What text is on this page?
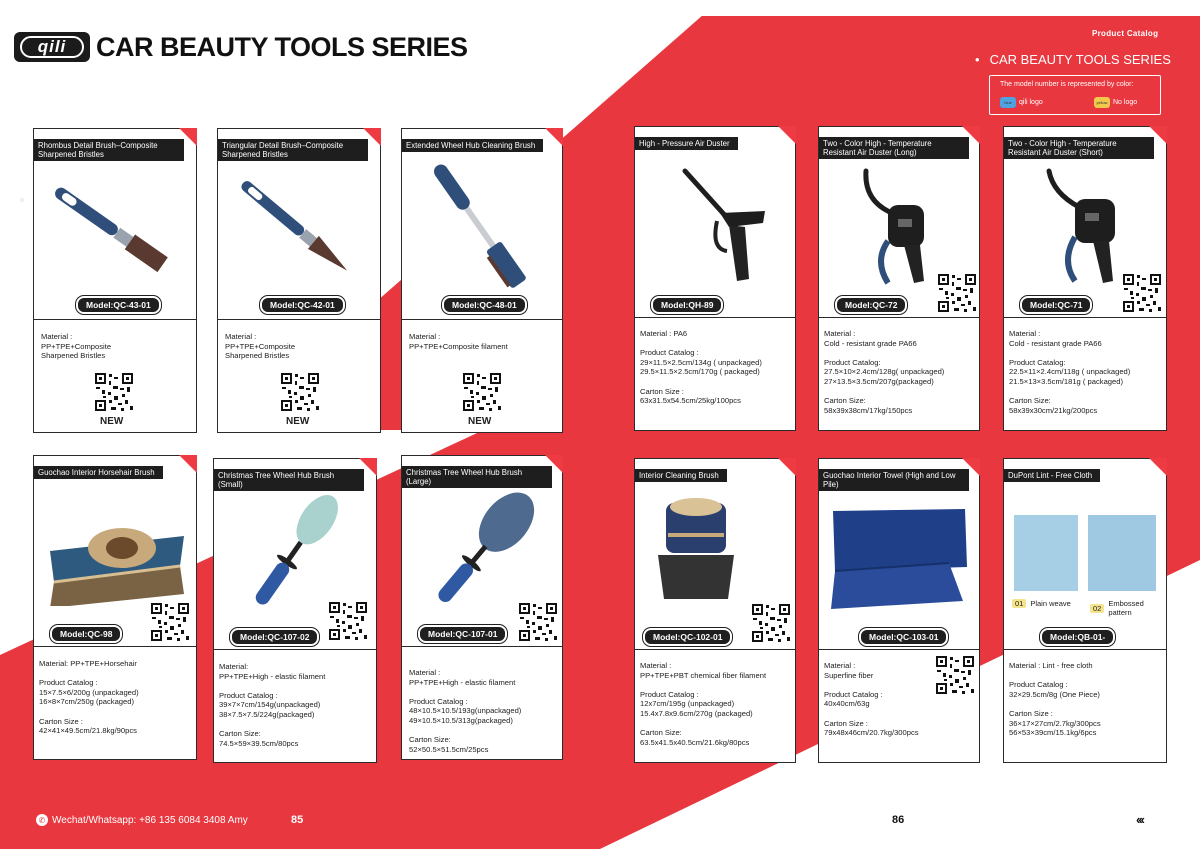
qili CAR BEAUTY TOOLS SERIES	Product Catalog
• CAR BEAUTY TOOLS SERIES
The model number is represented by color:
blue	qili logo	yellow No logo
Rhombus Detail Brush–Composite Sharpened Bristles
Model:QC-43-01
Material :
PP+TPE+Composite
Sharpened Bristles
NEW
Triangular Detail Brush–Composite Sharpened Bristles
Model:QC-42-01
Material :
PP+TPE+Composite
Sharpened Bristles
NEW
Extended Wheel Hub Cleaning Brush
Model:QC-48-01
Material :
PP+TPE+Composite filament
NEW
High - Pressure Air Duster
Model:QH-89
Material : PA6

Product Catalog :
29×11.5×2.5cm/134g ( unpackaged)
29.5×11.5×2.5cm/170g ( packaged)

Carton Size :
63x31.5x54.5cm/25kg/100pcs
Two - Color High - Temperature Resistant Air Duster (Long)
Model:QC-72
Material :
Cold - resistant grade PA66

Product Catalog:
27.5×10×2.4cm/128g( unpackaged)
27×13.5×3.5cm/207g(packaged)

Carton Size:
58x39x38cm/17kg/150pcs
Two - Color High - Temperature Resistant Air Duster (Short)
Model:QC-71
Material :
Cold - resistant grade PA66

Product Catalog:
22.5×11×2.4cm/118g ( unpackaged)
21.5×13×3.5cm/181g ( packaged)

Carton Size:
58x39x30cm/21kg/200pcs
Guochao Interior Horsehair Brush
Model:QC-98
Material: PP+TPE+Horsehair

Product Catalog :
15×7.5×6/200g (unpackaged)
16×8×7cm/250g (packaged)

Carton Size :
42×41×49.5cm/21.8kg/90pcs
Christmas Tree Wheel Hub Brush (Small)
Model:QC-107-02
Material:
PP+TPE+High - elastic filament

Product Catalog :
39×7×7cm/154g(unpackaged)
38×7.5×7.5/224g(packaged)

Carton Size:
74.5×59×39.5cm/80pcs
Christmas Tree Wheel Hub Brush (Large)
Model:QC-107-01
Material :
PP+TPE+High - elastic filament

Product Catalog :
48×10.5×10.5/193g(unpackaged)
49×10.5×10.5/313g(packaged)

Carton Size:
52×50.5×51.5cm/25pcs
Interior Cleaning Brush
Model:QC-102-01
Material :
PP+TPE+PBT chemical fiber filament

Product Catalog :
12x7cm/195g (unpackaged)
15.4x7.8x9.6cm/270g (packaged)

Carton Size:
63.5x41.5x40.5cm/21.6kg/80pcs
Guochao Interior Towel (High and Low Pile)
Model:QC-103-01
Material :
Superfine fiber

Product Catalog :
40x40cm/63g

Carton Size :
79x48x46cm/20.7kg/300pcs
DuPont Lint - Free Cloth
01 Plain weave	02 Embossed pattern
Model:QB-01-
Material : Lint - free cloth

Product Catalog :
32×29.5cm/8g (One Piece)

Carton Size :
36×17×27cm/2.7kg/300pcs
56×53×39cm/15.1kg/6pcs
✆ Wechat/Whatsapp: +86 135 6084 3408 Amy	85	86	‹‹‹
